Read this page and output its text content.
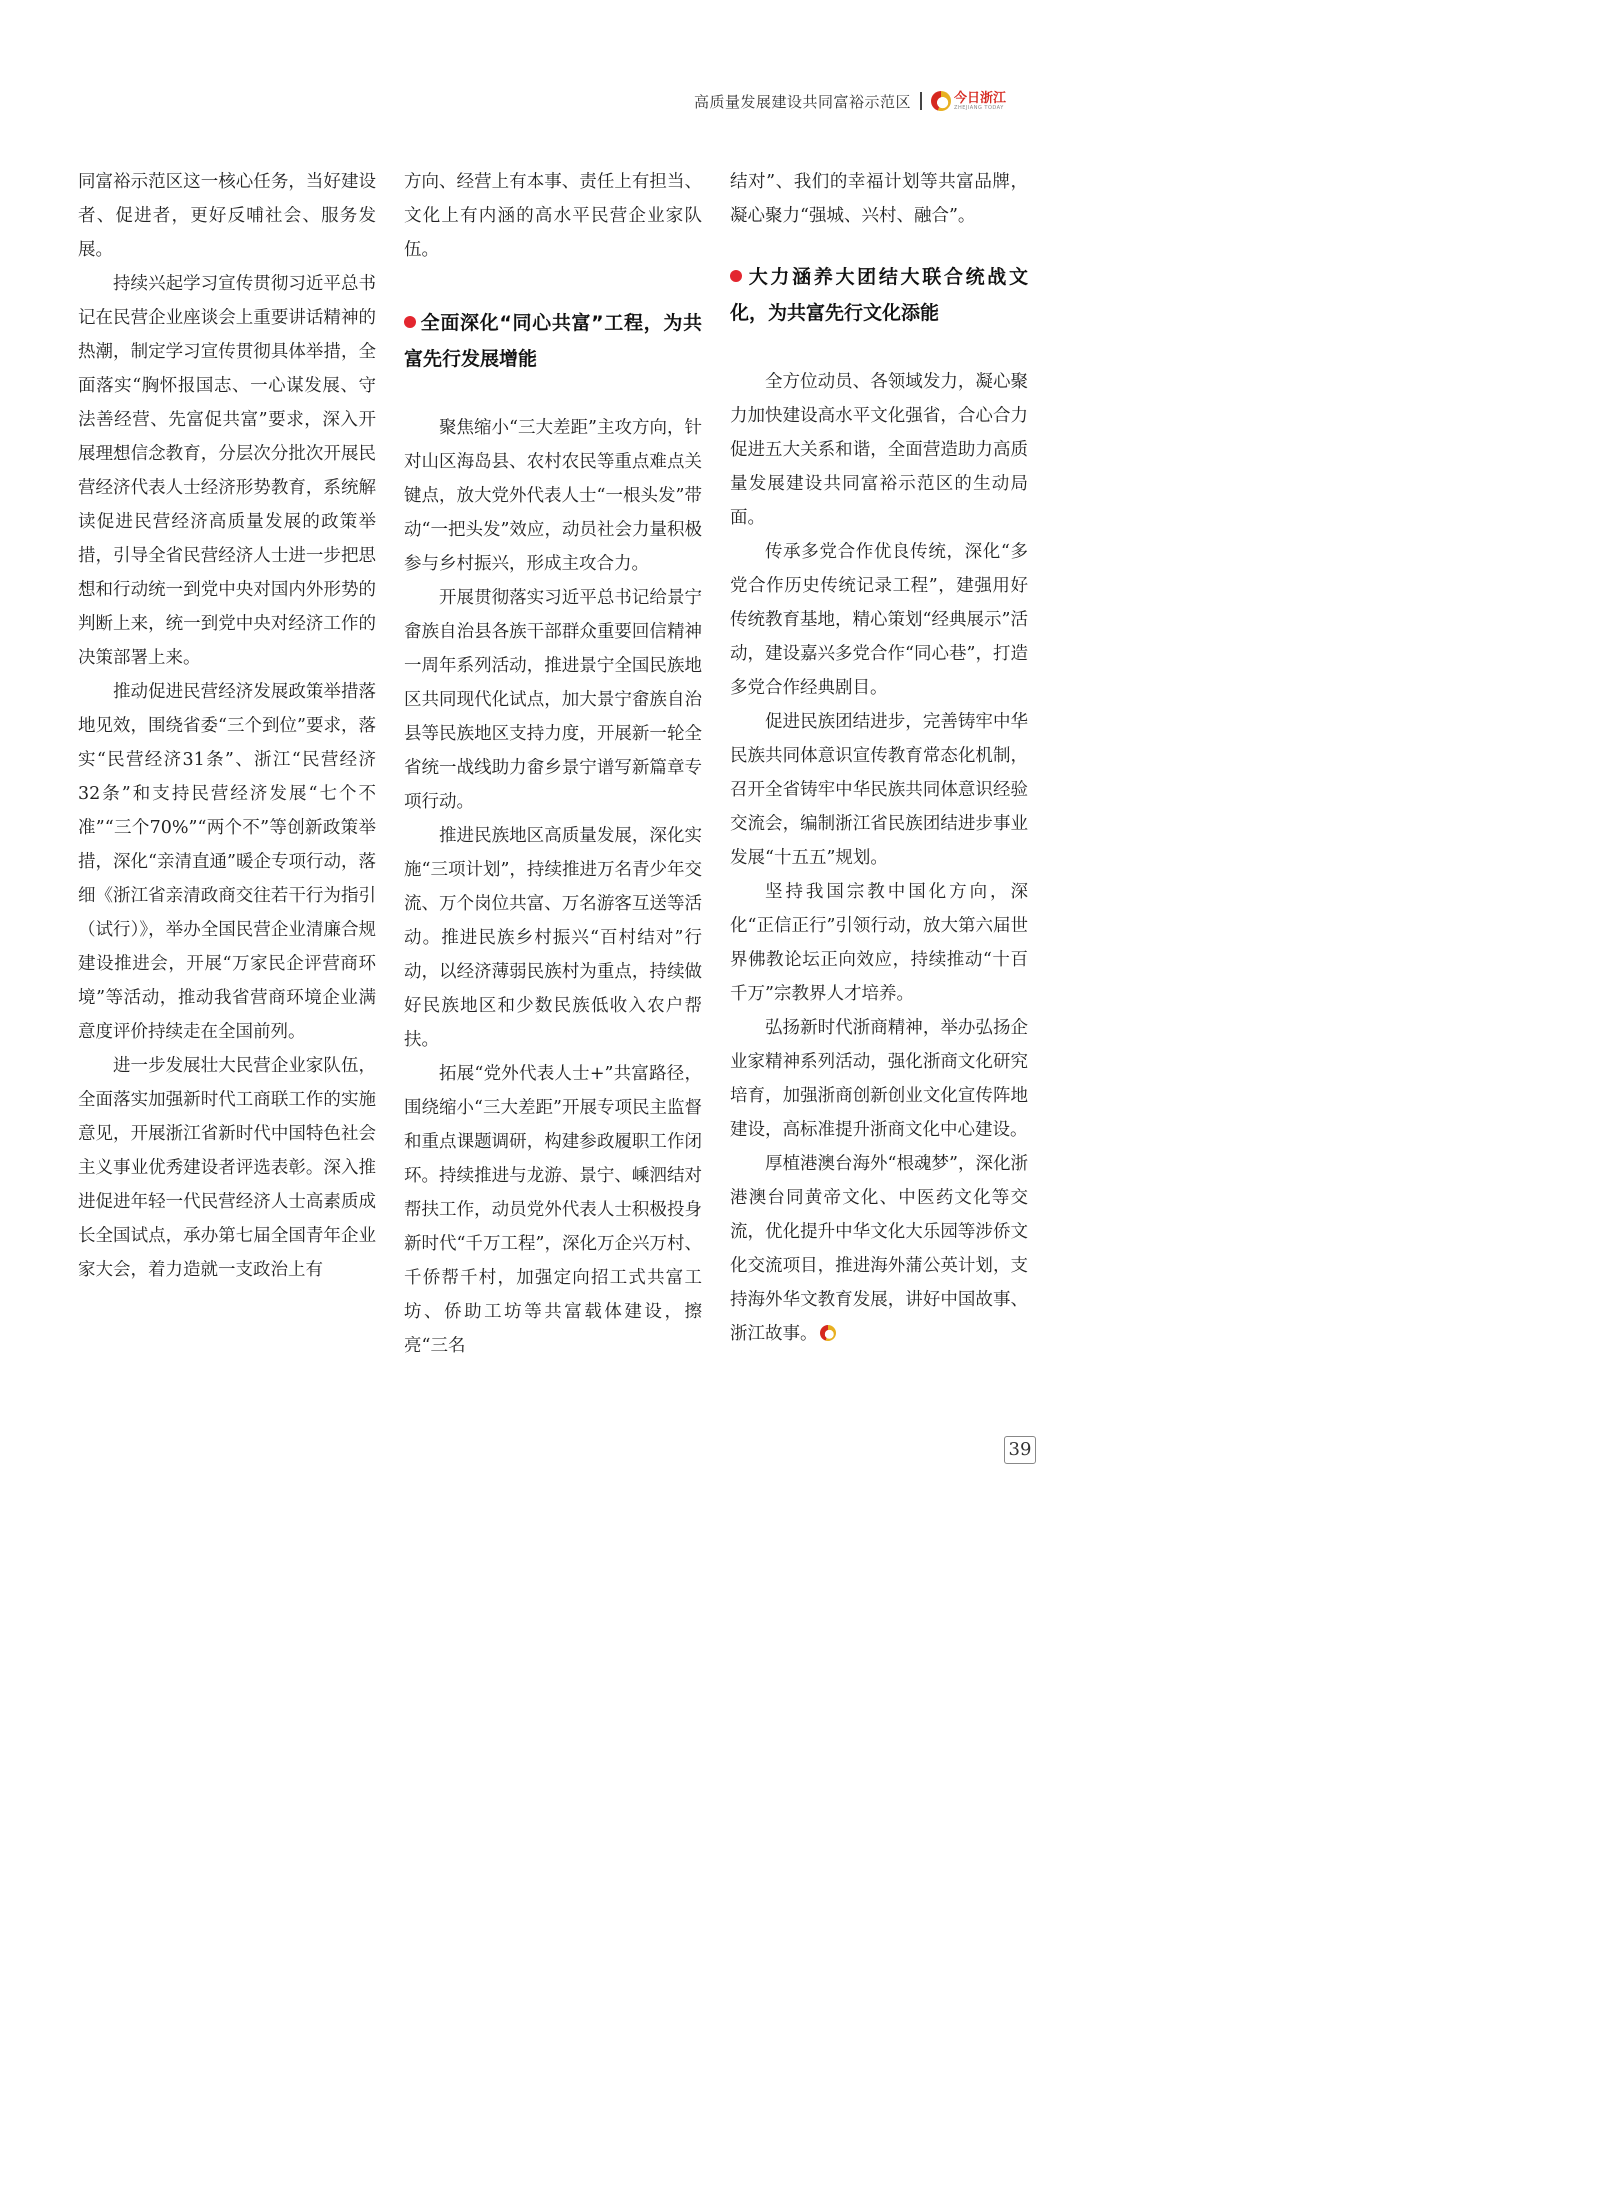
高质量发展建设共同富裕示范区	今日浙江
ZHEJIANG TODAY

同富裕示范区这一核心任务，当好建设者、促进者，更好反哺社会、服务发展。

持续兴起学习宣传贯彻习近平总书记在民营企业座谈会上重要讲话精神的热潮，制定学习宣传贯彻具体举措，全面落实“胸怀报国志、一心谋发展、守法善经营、先富促共富”要求，深入开展理想信念教育，分层次分批次开展民营经济代表人士经济形势教育，系统解读促进民营经济高质量发展的政策举措，引导全省民营经济人士进一步把思想和行动统一到党中央对国内外形势的判断上来，统一到党中央对经济工作的决策部署上来。

推动促进民营经济发展政策举措落地见效，围绕省委“三个到位”要求，落实“民营经济31条”、浙江“民营经济32条”和支持民营经济发展“七个不准”“三个70%”“两个不”等创新政策举措，深化“亲清直通”暖企专项行动，落细《浙江省亲清政商交往若干行为指引（试行）》，举办全国民营企业清廉合规建设推进会，开展“万家民企评营商环境”等活动，推动我省营商环境企业满意度评价持续走在全国前列。

进一步发展壮大民营企业家队伍，全面落实加强新时代工商联工作的实施意见，开展浙江省新时代中国特色社会主义事业优秀建设者评选表彰。深入推进促进年轻一代民营经济人士高素质成长全国试点，承办第七届全国青年企业家大会，着力造就一支政治上有

方向、经营上有本事、责任上有担当、文化上有内涵的高水平民营企业家队伍。

全面深化“同心共富”工程，为共富先行发展增能

聚焦缩小“三大差距”主攻方向，针对山区海岛县、农村农民等重点难点关键点，放大党外代表人士“一根头发”带动“一把头发”效应，动员社会力量积极参与乡村振兴，形成主攻合力。

开展贯彻落实习近平总书记给景宁畲族自治县各族干部群众重要回信精神一周年系列活动，推进景宁全国民族地区共同现代化试点，加大景宁畲族自治县等民族地区支持力度，开展新一轮全省统一战线助力畲乡景宁谱写新篇章专项行动。

推进民族地区高质量发展，深化实施“三项计划”，持续推进万名青少年交流、万个岗位共富、万名游客互送等活动。推进民族乡村振兴“百村结对”行动，以经济薄弱民族村为重点，持续做好民族地区和少数民族低收入农户帮扶。

拓展“党外代表人士+”共富路径，围绕缩小“三大差距”开展专项民主监督和重点课题调研，构建参政履职工作闭环。持续推进与龙游、景宁、嵊泗结对帮扶工作，动员党外代表人士积极投身新时代“千万工程”，深化万企兴万村、千侨帮千村，加强定向招工式共富工坊、侨助工坊等共富载体建设，擦亮“三名

结对”、我们的幸福计划等共富品牌，凝心聚力“强城、兴村、融合”。

大力涵养大团结大联合统战文化，为共富先行文化添能

全方位动员、各领域发力，凝心聚力加快建设高水平文化强省，合心合力促进五大关系和谐，全面营造助力高质量发展建设共同富裕示范区的生动局面。

传承多党合作优良传统，深化“多党合作历史传统记录工程”，建强用好传统教育基地，精心策划“经典展示”活动，建设嘉兴多党合作“同心巷”，打造多党合作经典剧目。

促进民族团结进步，完善铸牢中华民族共同体意识宣传教育常态化机制，召开全省铸牢中华民族共同体意识经验交流会，编制浙江省民族团结进步事业发展“十五五”规划。

坚持我国宗教中国化方向，深化“正信正行”引领行动，放大第六届世界佛教论坛正向效应，持续推动“十百千万”宗教界人才培养。

弘扬新时代浙商精神，举办弘扬企业家精神系列活动，强化浙商文化研究培育，加强浙商创新创业文化宣传阵地建设，高标准提升浙商文化中心建设。

厚植港澳台海外“根魂梦”，深化浙港澳台同黄帝文化、中医药文化等交流，优化提升中华文化大乐园等涉侨文化交流项目，推进海外蒲公英计划，支持海外华文教育发展，讲好中国故事、浙江故事。

39
